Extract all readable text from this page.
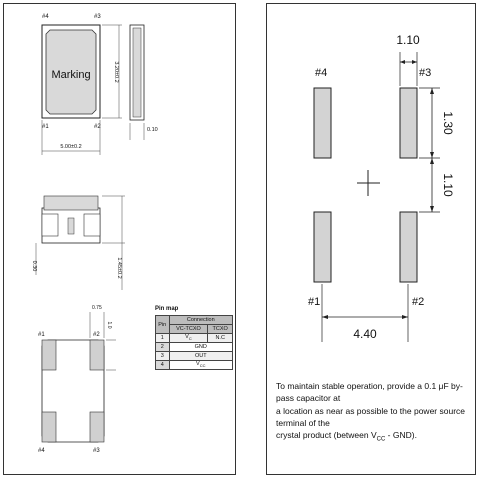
Marking
#4	#3
#1	#2
5.00±0.2
3.20±0.2
0.10
0.30	1.45±0.2
#1	#2
#4	#3
0.75
1.0
#4	#3
#1	#2
1.10
1.30
1.10
4.40
Pin map
Pin	Connection	
	VC-TCXO	TCXO
1	$V_C$	N.C
2	GND	
3	OUT	
4	$V_{CC}$
To maintain stable operation, provide a 0.1 μF by-pass capacitor at
a location as near as possible to the power source terminal of the
crystal product (between $V_{CC} - GND$).
